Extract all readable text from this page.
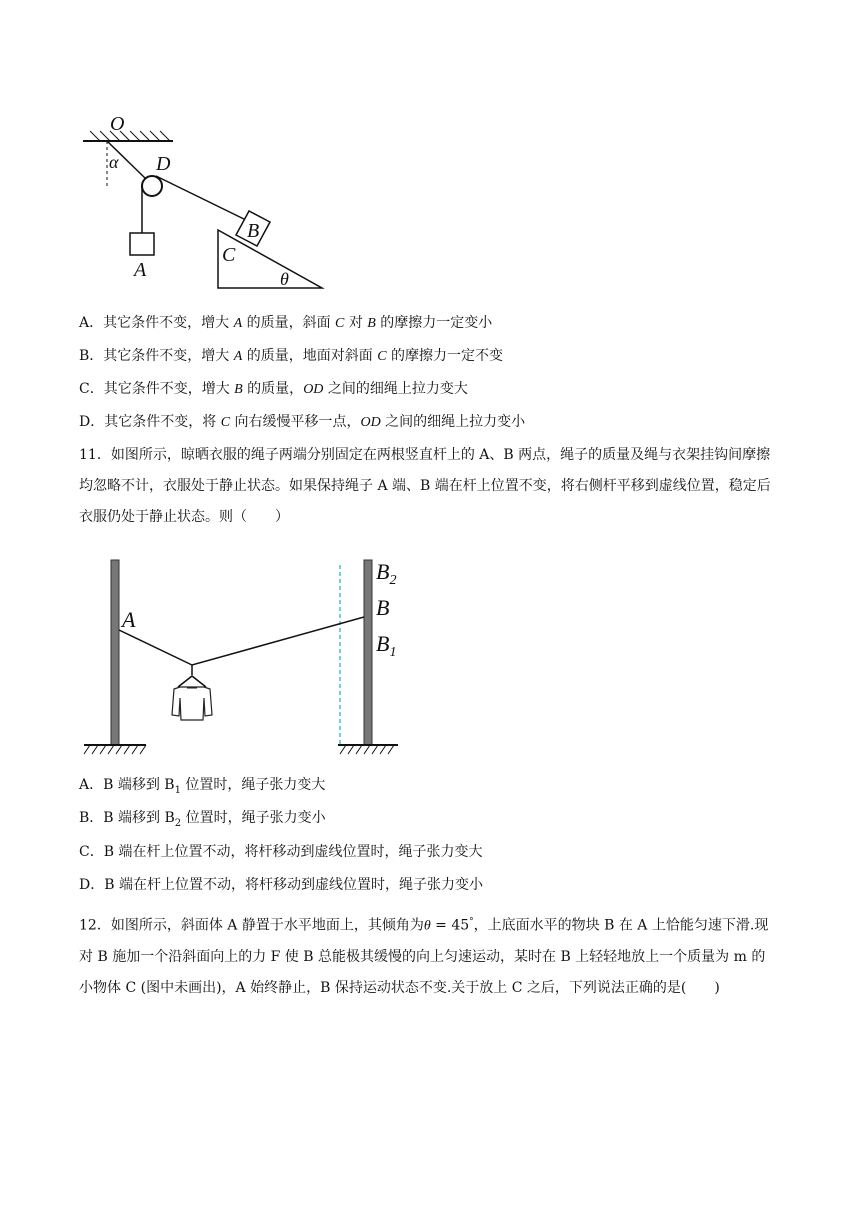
O
α D
A
B
C
θ
A．其它条件不变，增大 A 的质量，斜面 C 对 B 的摩擦力一定变小
B．其它条件不变，增大 A 的质量，地面对斜面 C 的摩擦力一定不变
C．其它条件不变，增大 B 的质量，OD 之间的细绳上拉力变大
D．其它条件不变，将 C 向右缓慢平移一点，OD 之间的细绳上拉力变小
11．如图所示，晾晒衣服的绳子两端分别固定在两根竖直杆上的 A、B 两点，绳子的质量及绳与衣架挂钩间摩擦均忽略不计，衣服处于静止状态。如果保持绳子 A 端、B 端在杆上位置不变，将右侧杆平移到虚线位置，稳定后衣服仍处于静止状态。则（　　）
A
$B_2$
B
$B_1$
A．B 端移到 $B_1$ 位置时，绳子张力变大
B．B 端移到 $B_2$ 位置时，绳子张力变小
C．B 端在杆上位置不动，将杆移动到虚线位置时，绳子张力变大
D．B 端在杆上位置不动，将杆移动到虚线位置时，绳子张力变小
12．如图所示，斜面体 A 静置于水平地面上，其倾角为θ = 45°，上底面水平的物块 B 在 A 上恰能匀速下滑.现对 B 施加一个沿斜面向上的力 F 使 B 总能极其缓慢的向上匀速运动，某时在 B 上轻轻地放上一个质量为 m 的小物体 C (图中未画出)，A 始终静止，B 保持运动状态不变.关于放上 C 之后，下列说法正确的是(　　)
